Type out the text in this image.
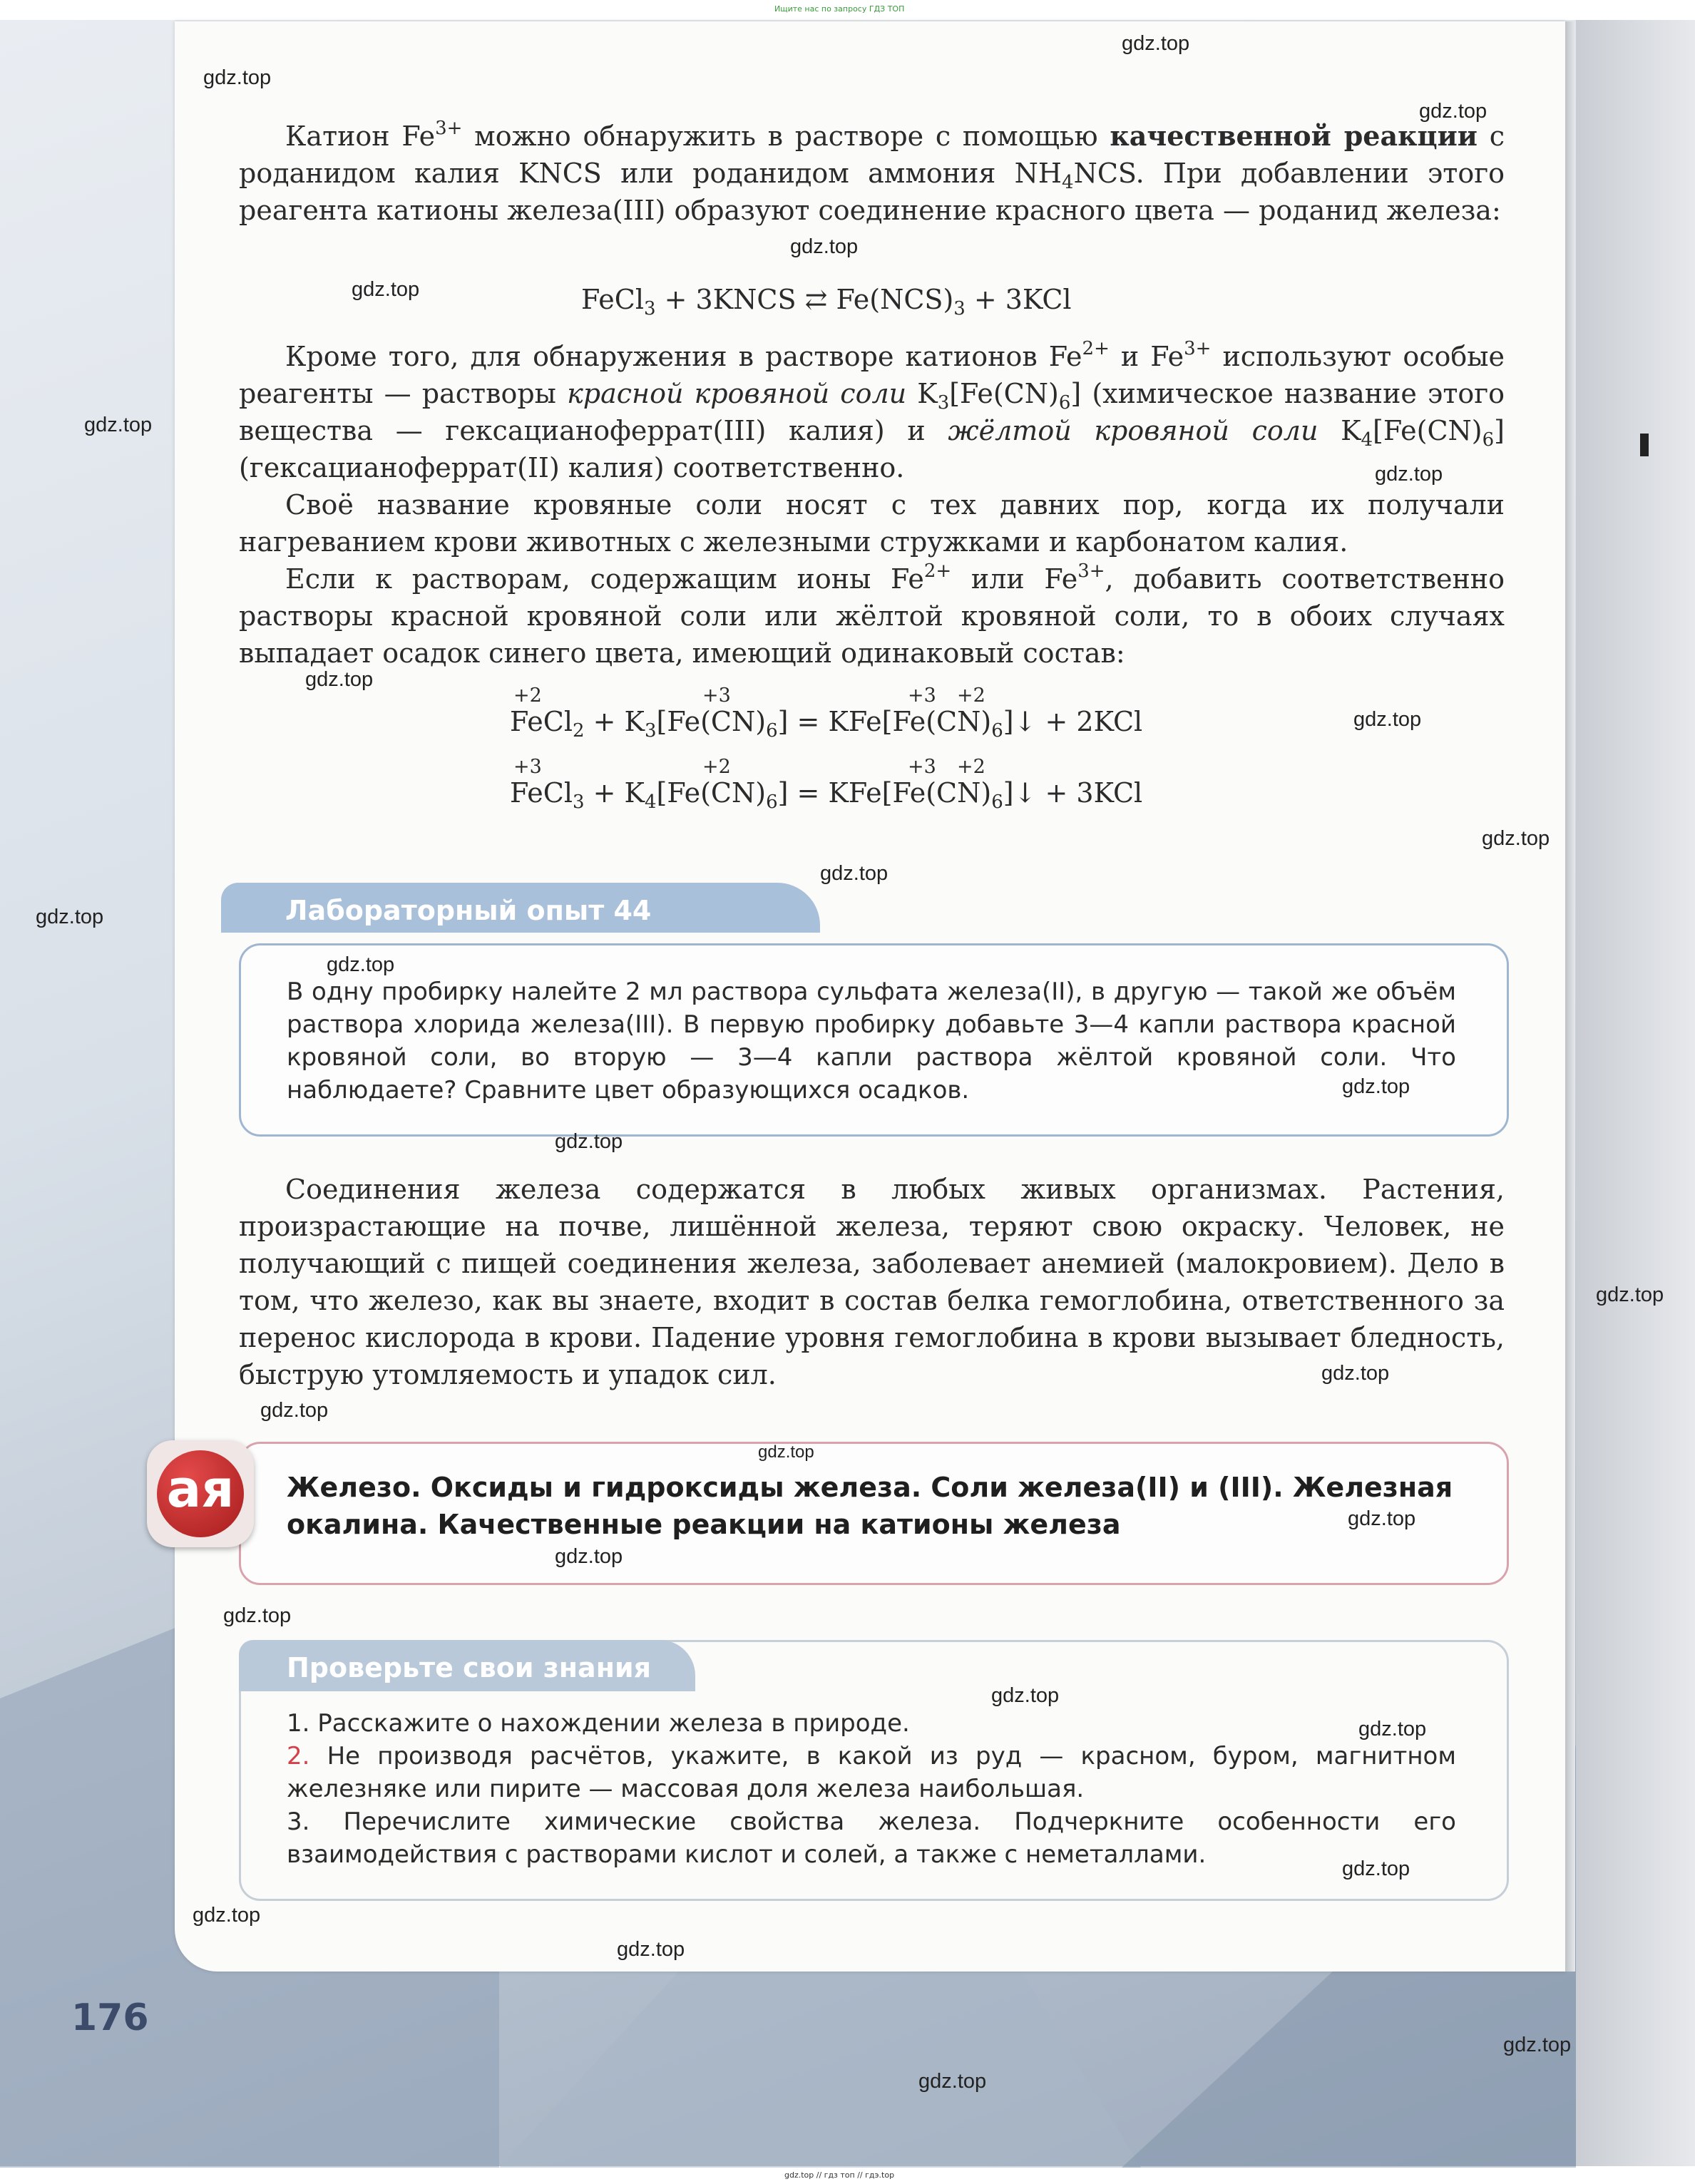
Ищите нас по запросу ГДЗ ТОП

Катион $Fe^{3+}$ можно обнаружить в растворе с помощью качественной реакции с роданидом калия KNCS или роданидом аммония $NH_4NCS$. При добавлении этого реагента катионы железа(III) образуют соединение красного цвета — роданид железа:

FeCl$_3$ + 3KNCS ⇄ $Fe(NCS)_3 + 3KCl$

Кроме того, для обнаружения в растворе катионов $Fe^{2+}$ и $Fe^{3+}$ используют особые реагенты — растворы красной кровяной соли $K_3[Fe(CN)_6]$ (химическое название этого вещества — гексацианоферрат(III) калия) и жёлтой кровяной соли $K_4[Fe(CN)_6]$ (гексацианоферрат(II) калия) соответственно.

Своё название кровяные соли носят с тех давних пор, когда их получали нагреванием крови животных с железными стружками и карбонатом калия.

Если к растворам, содержащим ионы $Fe^{2+}$ или $Fe^{3+}$, добавить соответственно растворы красной кровяной соли или жёлтой кровяной соли, то в обоих случаях выпадает осадок синего цвета, имеющий одинаковый состав:

+2	+3	+3 +2
FeCl$_2$ + $K_3[Fe(CN)_6]$ = $KFe[Fe(CN)_6]↓ + 2KCl$
+3	+2	+3 +2
FeCl$_3$ + $K_4[Fe(CN)_6]$ = $KFe[Fe(CN)_6]↓ + 3KCl$
Лабораторный опыт 44

В одну пробирку налейте 2 мл раствора сульфата железа(II), в другую — такой же объём раствора хлорида железа(III). В первую пробирку добавьте 3—4 капли раствора красной кровяной соли, во вторую — 3—4 капли раствора жёлтой кровяной соли. Что наблюдаете? Сравните цвет образующихся осадков.

Соединения железа содержатся в любых живых организмах. Растения, произрастающие на почве, лишённой железа, теряют свою окраску. Человек, не получающий с пищей соединения железа, заболевает анемией (малокровием). Дело в том, что железо, как вы знаете, входит в состав белка гемоглобина, ответственного за перенос кислорода в крови. Падение уровня гемоглобина в крови вызывает бледность, быструю утомляемость и упадок сил.

ая	Железо. Оксиды и гидроксиды железа. Соли железа(II) и (III). Железная окалина. Качественные реакции на катионы железа

Проверьте свои знания

1. Расскажите о нахождении железа в природе.

2. Не производя расчётов, укажите, в какой из руд — красном, буром, магнитном железняке или пирите — массовая доля железа наибольшая.

3. Перечислите химические свойства железа. Подчеркните особенности его взаимодействия с растворами кислот и солей, а также с неметаллами.

176
gdz.top
gdz.top
gdz.top
gdz.top
gdz.top
gdz.top
gdz.top
gdz.top
gdz.top
gdz.top
gdz.top
gdz.top
gdz.top
gdz.top
gdz.top
gdz.top
gdz.top
gdz.top
gdz.top
gdz.top
gdz.top
gdz.top
gdz.top
gdz.top
gdz.top
gdz.top
gdz.top
gdz.top
gdz.top
gdz.top // гдз топ // гдэ.top
